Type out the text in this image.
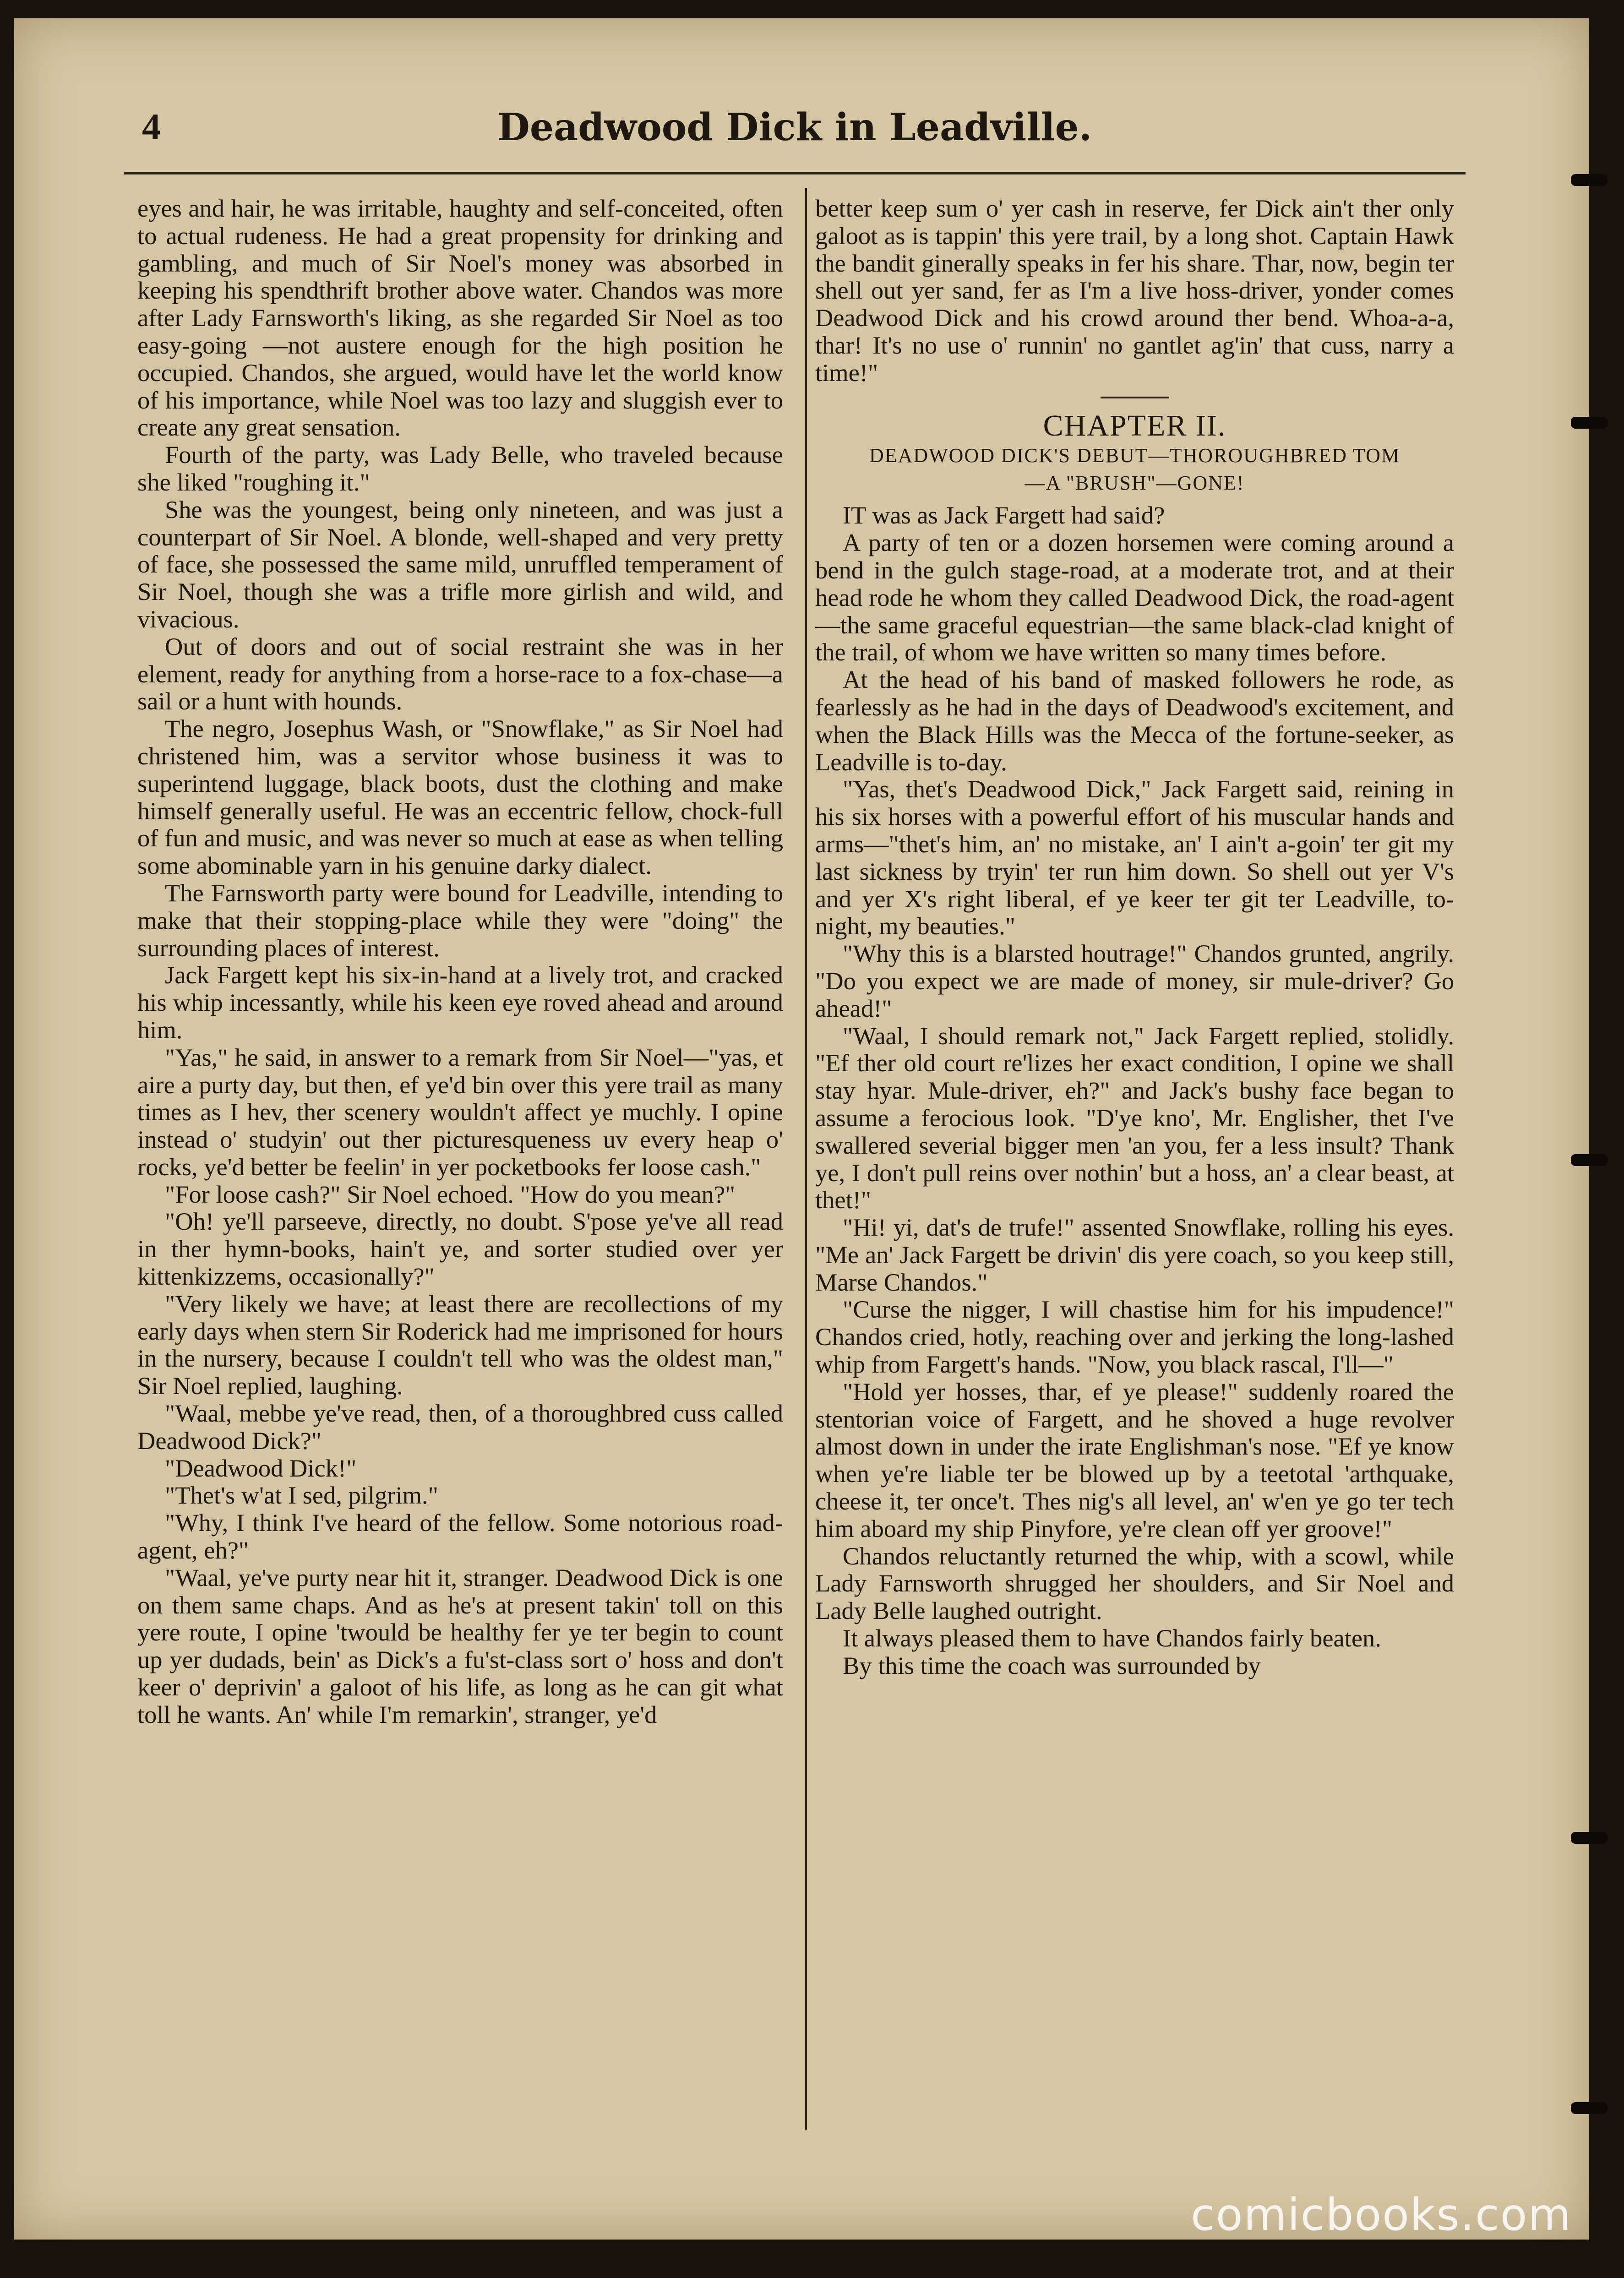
4	Deadwood Dick in Leadville.

eyes and hair, he was irritable, haughty and self-conceited, often to actual rudeness. He had a great propensity for drinking and gambling, and much of Sir Noel's money was absorbed in keeping his spendthrift brother above water. Chandos was more after Lady Farnsworth's liking, as she regarded Sir Noel as too easy-going —not austere enough for the high position he occupied. Chandos, she argued, would have let the world know of his importance, while Noel was too lazy and sluggish ever to create any great sensation.

Fourth of the party, was Lady Belle, who traveled because she liked "roughing it."

She was the youngest, being only nineteen, and was just a counterpart of Sir Noel. A blonde, well-shaped and very pretty of face, she possessed the same mild, unruffled temperament of Sir Noel, though she was a trifle more girlish and wild, and vivacious.

Out of doors and out of social restraint she was in her element, ready for anything from a horse-race to a fox-chase—a sail or a hunt with hounds.

The negro, Josephus Wash, or "Snowflake," as Sir Noel had christened him, was a servitor whose business it was to superintend luggage, black boots, dust the clothing and make himself generally useful. He was an eccentric fellow, chock-full of fun and music, and was never so much at ease as when telling some abominable yarn in his genuine darky dialect.

The Farnsworth party were bound for Leadville, intending to make that their stopping-place while they were "doing" the surrounding places of interest.

Jack Fargett kept his six-in-hand at a lively trot, and cracked his whip incessantly, while his keen eye roved ahead and around him.

"Yas," he said, in answer to a remark from Sir Noel—"yas, et aire a purty day, but then, ef ye'd bin over this yere trail as many times as I hev, ther scenery wouldn't affect ye muchly. I opine instead o' studyin' out ther picturesqueness uv every heap o' rocks, ye'd better be feelin' in yer pocketbooks fer loose cash."

"For loose cash?" Sir Noel echoed. "How do you mean?"

"Oh! ye'll parseeve, directly, no doubt. S'pose ye've all read in ther hymn-books, hain't ye, and sorter studied over yer kittenkizzems, occasionally?"

"Very likely we have; at least there are recollections of my early days when stern Sir Roderick had me imprisoned for hours in the nursery, because I couldn't tell who was the oldest man," Sir Noel replied, laughing.

"Waal, mebbe ye've read, then, of a thoroughbred cuss called Deadwood Dick?"

"Deadwood Dick!"

"Thet's w'at I sed, pilgrim."

"Why, I think I've heard of the fellow. Some notorious road-agent, eh?"

"Waal, ye've purty near hit it, stranger. Deadwood Dick is one on them same chaps. And as he's at present takin' toll on this yere route, I opine 'twould be healthy fer ye ter begin to count up yer dudads, bein' as Dick's a fu'st-class sort o' hoss and don't keer o' deprivin' a galoot of his life, as long as he can git what toll he wants. An' while I'm remarkin', stranger, ye'd

better keep sum o' yer cash in reserve, fer Dick ain't ther only galoot as is tappin' this yere trail, by a long shot. Captain Hawk the bandit ginerally speaks in fer his share. Thar, now, begin ter shell out yer sand, fer as I'm a live hoss-driver, yonder comes Deadwood Dick and his crowd around ther bend. Whoa-a-a, thar! It's no use o' runnin' no gantlet ag'in' that cuss, narry a time!"

CHAPTER II.
DEADWOOD DICK'S DEBUT—THOROUGHBRED TOM
—A "BRUSH"—GONE!

IT was as Jack Fargett had said?

A party of ten or a dozen horsemen were coming around a bend in the gulch stage-road, at a moderate trot, and at their head rode he whom they called Deadwood Dick, the road-agent—the same graceful equestrian—the same black-clad knight of the trail, of whom we have written so many times before.

At the head of his band of masked followers he rode, as fearlessly as he had in the days of Deadwood's excitement, and when the Black Hills was the Mecca of the fortune-seeker, as Leadville is to-day.

"Yas, thet's Deadwood Dick," Jack Fargett said, reining in his six horses with a powerful effort of his muscular hands and arms—"thet's him, an' no mistake, an' I ain't a-goin' ter git my last sickness by tryin' ter run him down. So shell out yer V's and yer X's right liberal, ef ye keer ter git ter Leadville, to-night, my beauties."

"Why this is a blarsted houtrage!" Chandos grunted, angrily. "Do you expect we are made of money, sir mule-driver? Go ahead!"

"Waal, I should remark not," Jack Fargett replied, stolidly. "Ef ther old court re'lizes her exact condition, I opine we shall stay hyar. Mule-driver, eh?" and Jack's bushy face began to assume a ferocious look. "D'ye kno', Mr. Englisher, thet I've swallered severial bigger men 'an you, fer a less insult? Thank ye, I don't pull reins over nothin' but a hoss, an' a clear beast, at thet!"

"Hi! yi, dat's de trufe!" assented Snowflake, rolling his eyes. "Me an' Jack Fargett be drivin' dis yere coach, so you keep still, Marse Chandos."

"Curse the nigger, I will chastise him for his impudence!" Chandos cried, hotly, reaching over and jerking the long-lashed whip from Fargett's hands. "Now, you black rascal, I'll—"

"Hold yer hosses, thar, ef ye please!" suddenly roared the stentorian voice of Fargett, and he shoved a huge revolver almost down in under the irate Englishman's nose. "Ef ye know when ye're liable ter be blowed up by a teetotal 'arthquake, cheese it, ter once't. Thes nig's all level, an' w'en ye go ter tech him aboard my ship Pinyfore, ye're clean off yer groove!"

Chandos reluctantly returned the whip, with a scowl, while Lady Farnsworth shrugged her shoulders, and Sir Noel and Lady Belle laughed outright.

It always pleased them to have Chandos fairly beaten.

By this time the coach was surrounded by

comicbooks.com
